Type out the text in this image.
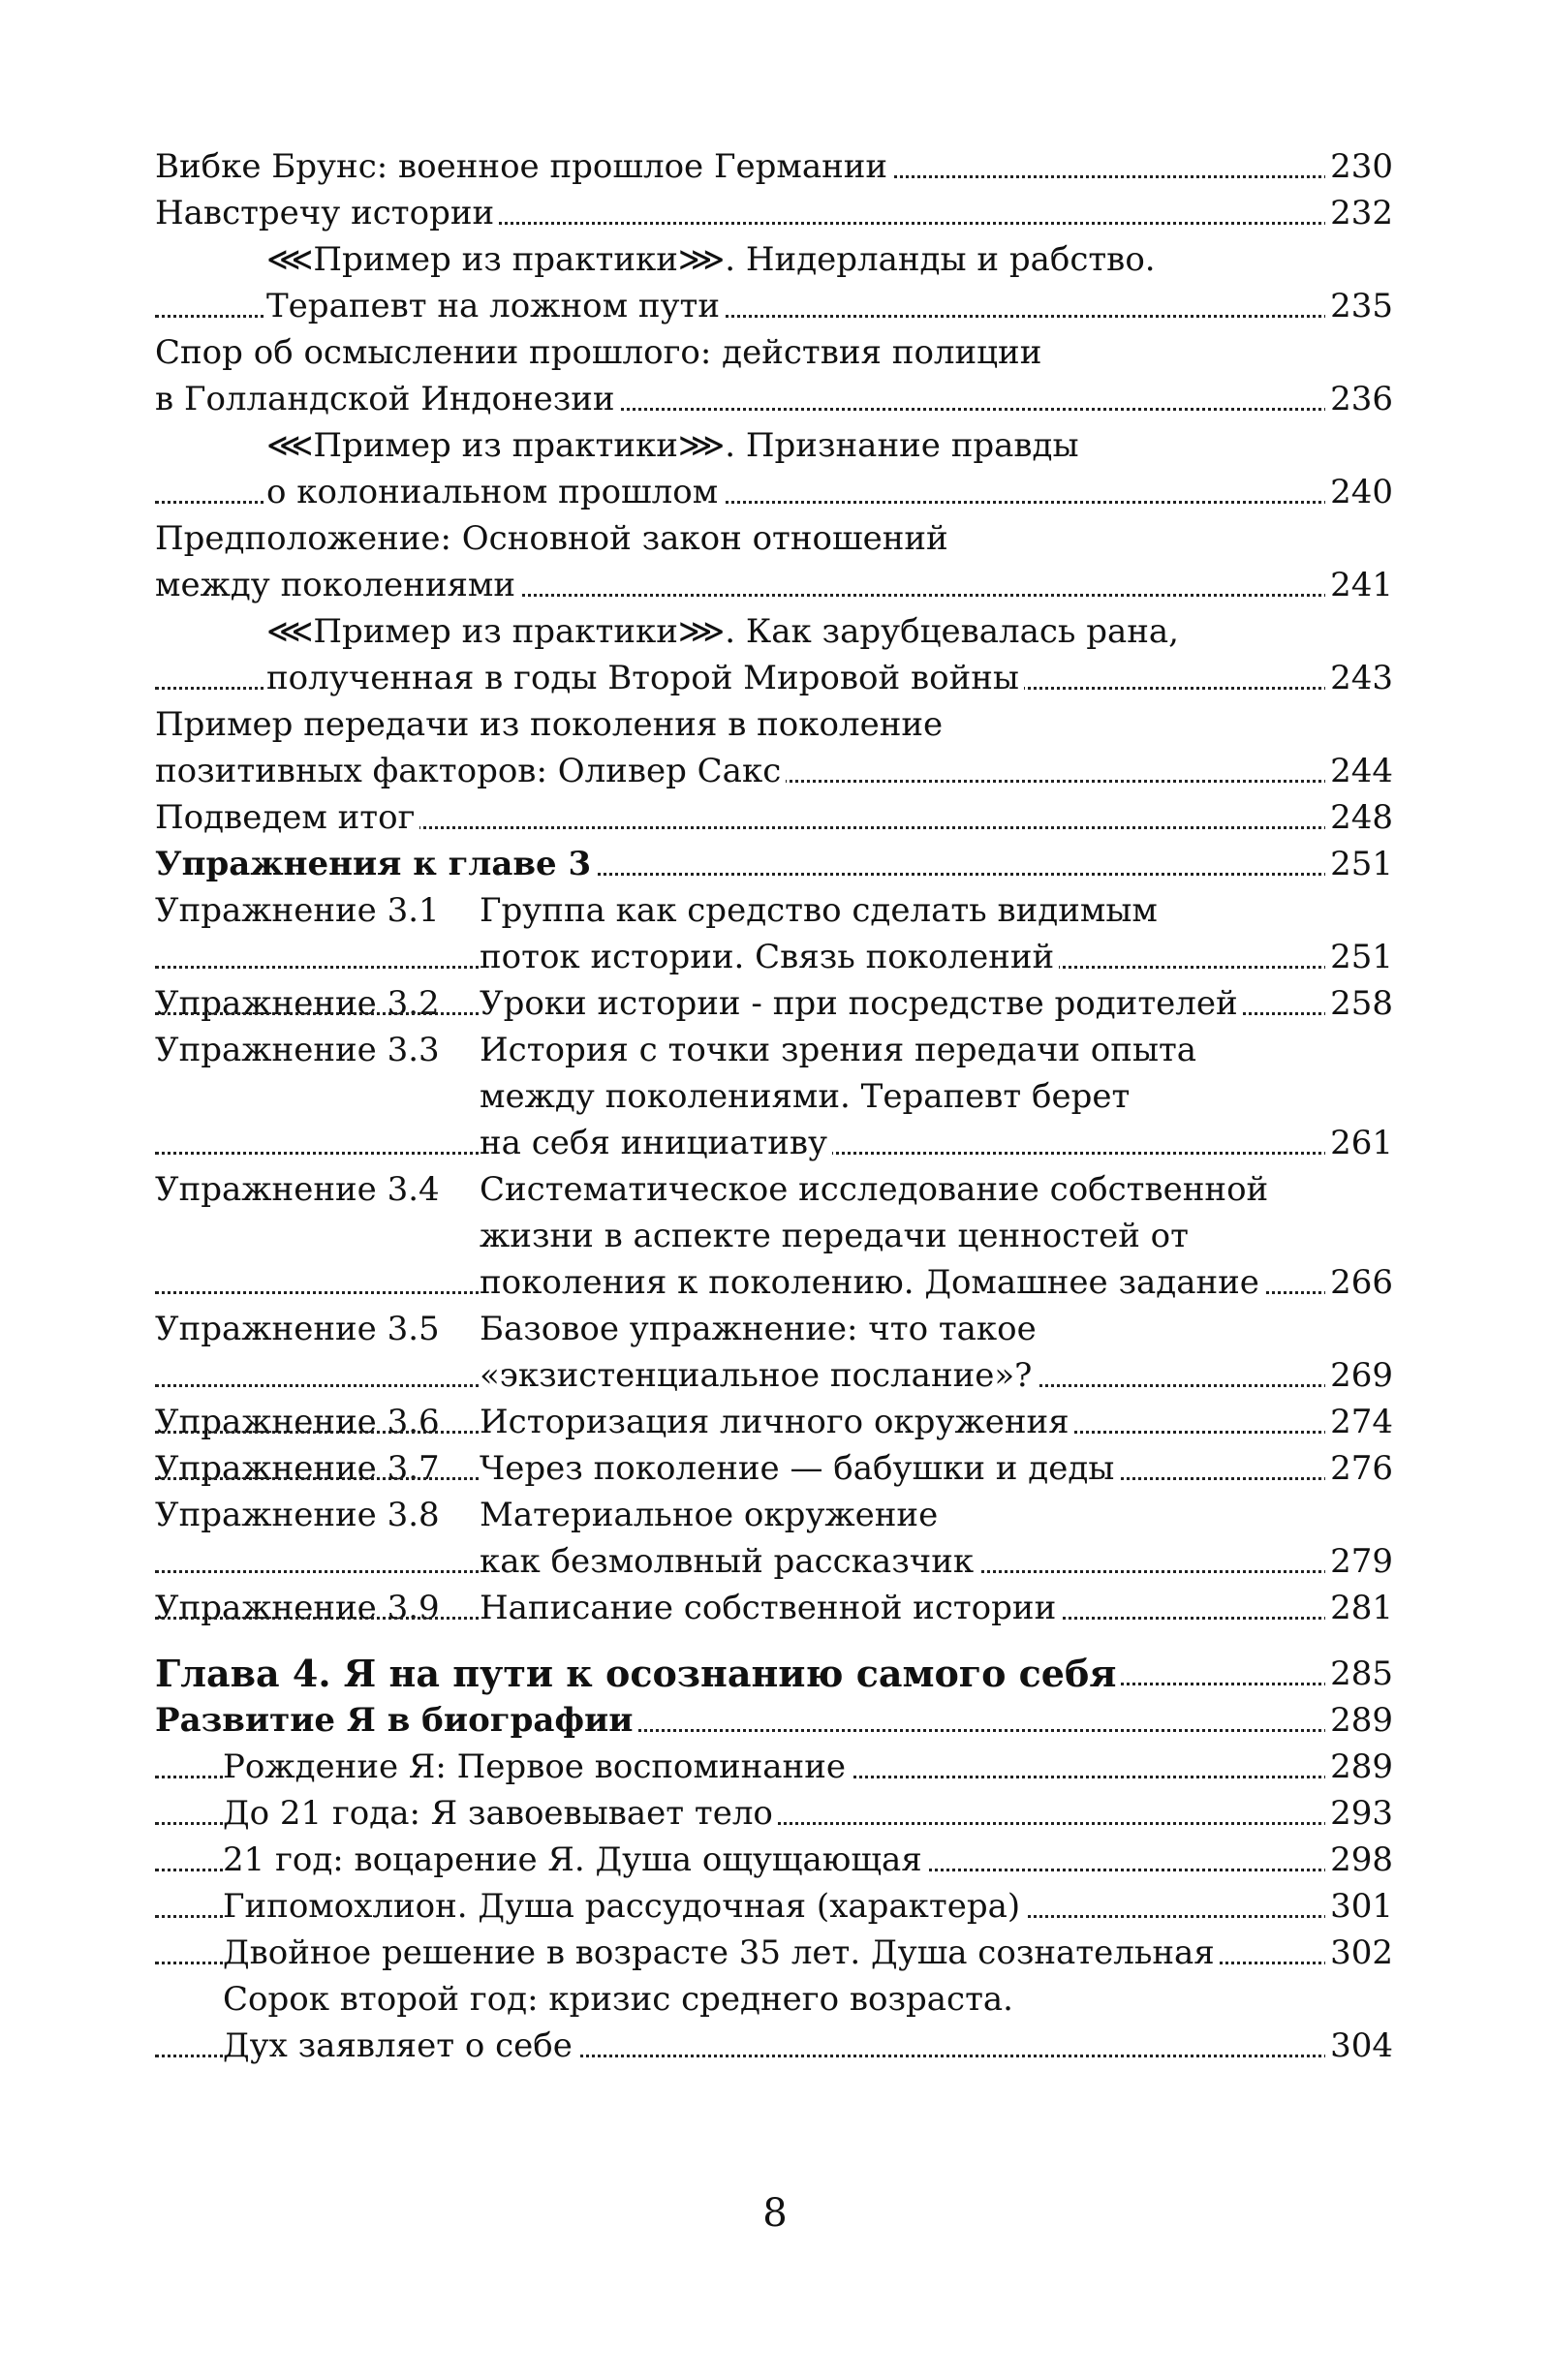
Вибке Брунс: военное прошлое Германии	230
Навстречу истории	232
⋘Пример из практики⋙. Нидерланды и рабство.
Терапевт на ложном пути	235
Спор об осмыслении прошлого: действия полиции
в Голландской Индонезии	236
⋘Пример из практики⋙. Признание правды
о колониальном прошлом	240
Предположение: Основной закон отношений
между поколениями	241
⋘Пример из практики⋙. Как зарубцевалась рана,
полученная в годы Второй Мировой войны	243
Пример передачи из поколения в поколение
позитивных факторов: Оливер Сакс	244
Подведем итог	248
Упражнения к главе 3	251
Упражнение 3.1 Группа как средство сделать видимым
поток истории. Связь поколений	251
Упражнение 3.2 Уроки истории - при посредстве родителей	258
Упражнение 3.3 История с точки зрения передачи опыта
между поколениями. Терапевт берет
на себя инициативу	261
Упражнение 3.4 Систематическое исследование собственной
жизни в аспекте передачи ценностей от
поколения к поколению. Домашнее задание 266
Упражнение 3.5 Базовое упражнение: что такое
«экзистенциальное послание»?	269
Упражнение 3.6 Историзация личного окружения	274
Упражнение 3.7 Через поколение — бабушки и деды	276
Упражнение 3.8 Материальное окружение
как безмолвный рассказчик	279
Упражнение 3.9 Написание собственной истории	281
Глава 4. Я на пути к осознанию самого себя	285
Развитие Я в биографии	289
Рождение Я: Первое воспоминание	289
До 21 года: Я завоевывает тело	293
21 год: воцарение Я. Душа ощущающая	298
Гипомохлион. Душа рассудочная (характера)	301
Двойное решение в возрасте 35 лет. Душа сознательная	302
Сорок второй год: кризис среднего возраста.
Дух заявляет о себе	304
8
